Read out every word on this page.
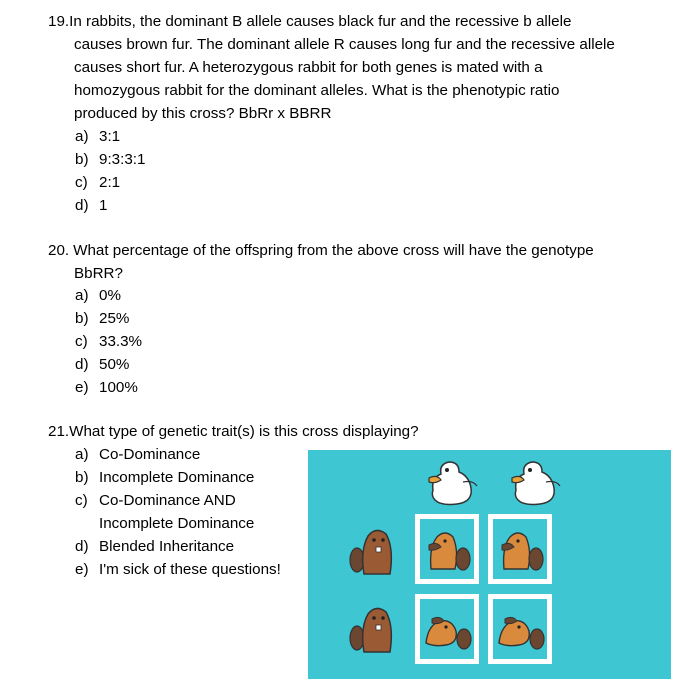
19.In rabbits, the dominant B allele causes black fur and the recessive b allele
causes brown fur. The dominant allele R causes long fur and the recessive allele
causes short fur. A heterozygous rabbit for both genes is mated with a
homozygous rabbit for the dominant alleles. What is the phenotypic ratio
produced by this cross? BbRr x BBRR
a) 3:1
b) 9:3:3:1
c) 2:1
d) 1
20. What percentage of the offspring from the above cross will have the genotype
BbRR?
a) 0%
b) 25%
c) 33.3%
d) 50%
e) 100%
21.What type of genetic trait(s) is this cross displaying?
a) Co-Dominance
b) Incomplete Dominance
c) Co-Dominance AND
Incomplete Dominance
d) Blended Inheritance
e) I'm sick of these questions!
